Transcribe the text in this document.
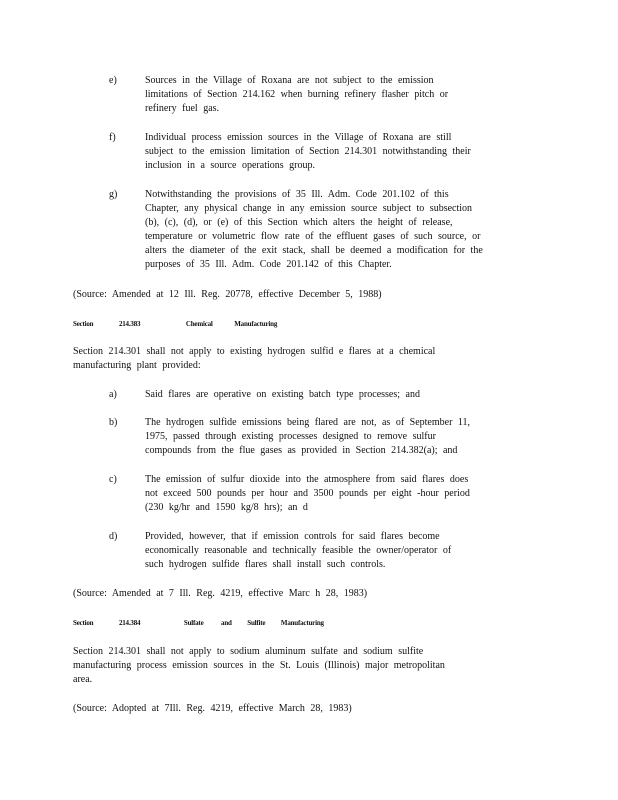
e)	Sources in the Village of Roxana are not subject to the emission
limitations of Section 214.162 when burning refinery flasher pitch or
refinery fuel gas.
f)	Individual process emission sources in the Village of Roxana are still
subject to the emission limitation of Section 214.301 notwithstanding their
inclusion in a source operations group.
g)	Notwithstanding the provisions of 35 Ill. Adm. Code 201.102 of this
Chapter, any physical change in any emission source subject to subsection
(b), (c), (d), or (e) of this Section which alters the height of release,
temperature or volumetric flow rate of the effluent gases of such source, or
alters the diameter of the exit stack, shall be deemed a modification for the
purposes of 35 Ill. Adm. Code 201.142 of this Chapter.
(Source: Amended at 12 Ill. Reg. 20778, effective December 5, 1988)
Section	214.383	Chemical	Manufacturing
Section 214.301 shall not apply to existing hydrogen sulfid e flares at a chemical
manufacturing plant provided:
a)	Said flares are operative on existing batch type processes; and
b)	The hydrogen sulfide emissions being flared are not, as of September 11,
1975, passed through existing processes designed to remove sulfur
compounds from the flue gases as provided in Section 214.382(a); and
c)	The emission of sulfur dioxide into the atmosphere from said flares does
not exceed 500 pounds per hour and 3500 pounds per eight -hour period
(230 kg/hr and 1590 kg/8 hrs); an d
d)	Provided, however, that if emission controls for said flares become
economically reasonable and technically feasible the owner/operator of
such hydrogen sulfide flares shall install such controls.
(Source: Amended at 7 Ill. Reg. 4219, effective Marc h 28, 1983)
Section	214.384	Sulfate	and Sulfite Manufacturing
Section 214.301 shall not apply to sodium aluminum sulfate and sodium sulfite
manufacturing process emission sources in the St. Louis (Illinois) major metropolitan
area.
(Source: Adopted at 7Ill. Reg. 4219, effective March 28, 1983)
